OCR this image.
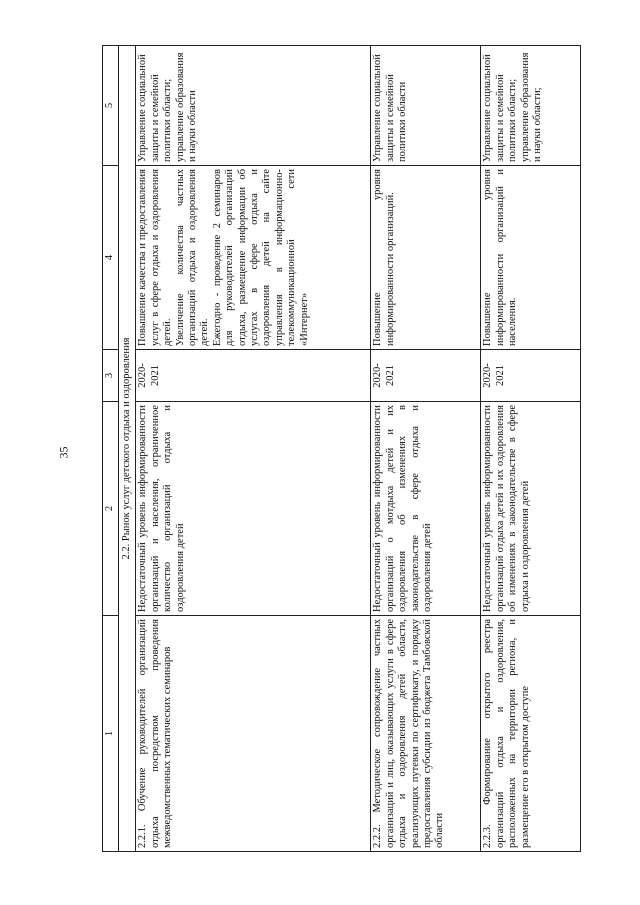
35
1	2	3	4	5
2.2. Рынок услуг детского отдыха и оздоровления				
2.2.1. Обучение руководителей организаций отдыха посредством проведения межведомственных тематических семинаров	Недостаточный уровень информированности организаций и населения, ограниченное количество организаций отдыха и оздоровления детей	2020-2021	Повышение качества и предоставления услуг в сфере отдыха и оздоровления детей. Увеличение количества частных организаций отдыха и оздоровления детей. Ежегодно - проведение 2 семинаров для руководителей организаций отдыха, размещение информации об услугах в сфере отдыха и оздоровления детей на сайте управления в информационно-телекоммуникационной сети «Интернет»	Управление социальной защиты и семейной политики области; управление образования и науки области
2.2.2. Методическое сопровождение частных организаций и лиц, оказывающих услуги в сфере отдыха и оздоровления детей области, реализующих путевки по сертификату, и порядку предоставления субсидии из бюджета Тамбовской области	Недостаточный уровень информированности организаций о мотдыха детей и их оздоровления об изменениях в законодательстве в сфере отдыха и оздоровления детей	2020-2021	Повышение уровня информированности организаций.	Управление социальной защиты и семейной политики области
2.2.3. Формирование открытого реестра организаций отдыха и оздоровления, расположенных на территории региона, и размещение его в открытом доступе	Недостаточный уровень информированности организаций отдыха детей и их оздоровления об изменениях в законодательстве в сфере отдыха и оздоровления детей	2020-2021	Повышение уровня информированности организаций и населения.	Управление социальной защиты и семейной политики области; управление образования и науки области;
